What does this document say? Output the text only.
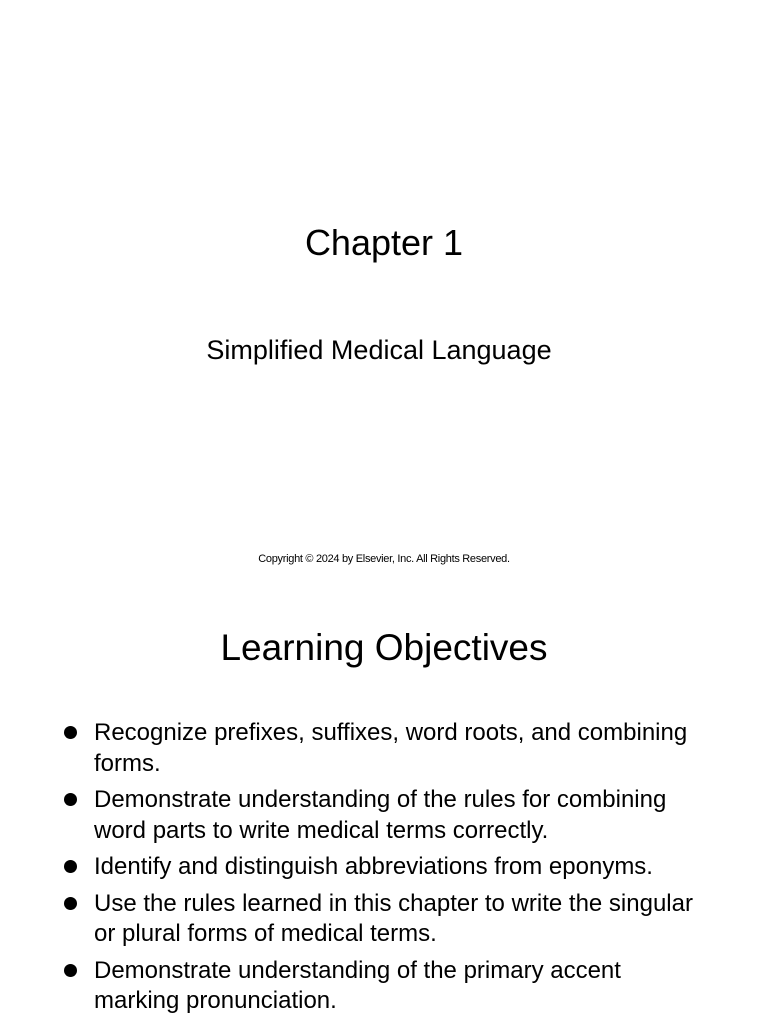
Chapter 1
Simplified Medical Language
Copyright © 2024 by Elsevier, Inc. All Rights Reserved.
Learning Objectives
Recognize prefixes, suffixes, word roots, and combining forms.
Demonstrate understanding of the rules for combining word parts to write medical terms correctly.
Identify and distinguish abbreviations from eponyms.
Use the rules learned in this chapter to write the singular or plural forms of medical terms.
Demonstrate understanding of the primary accent marking pronunciation.
